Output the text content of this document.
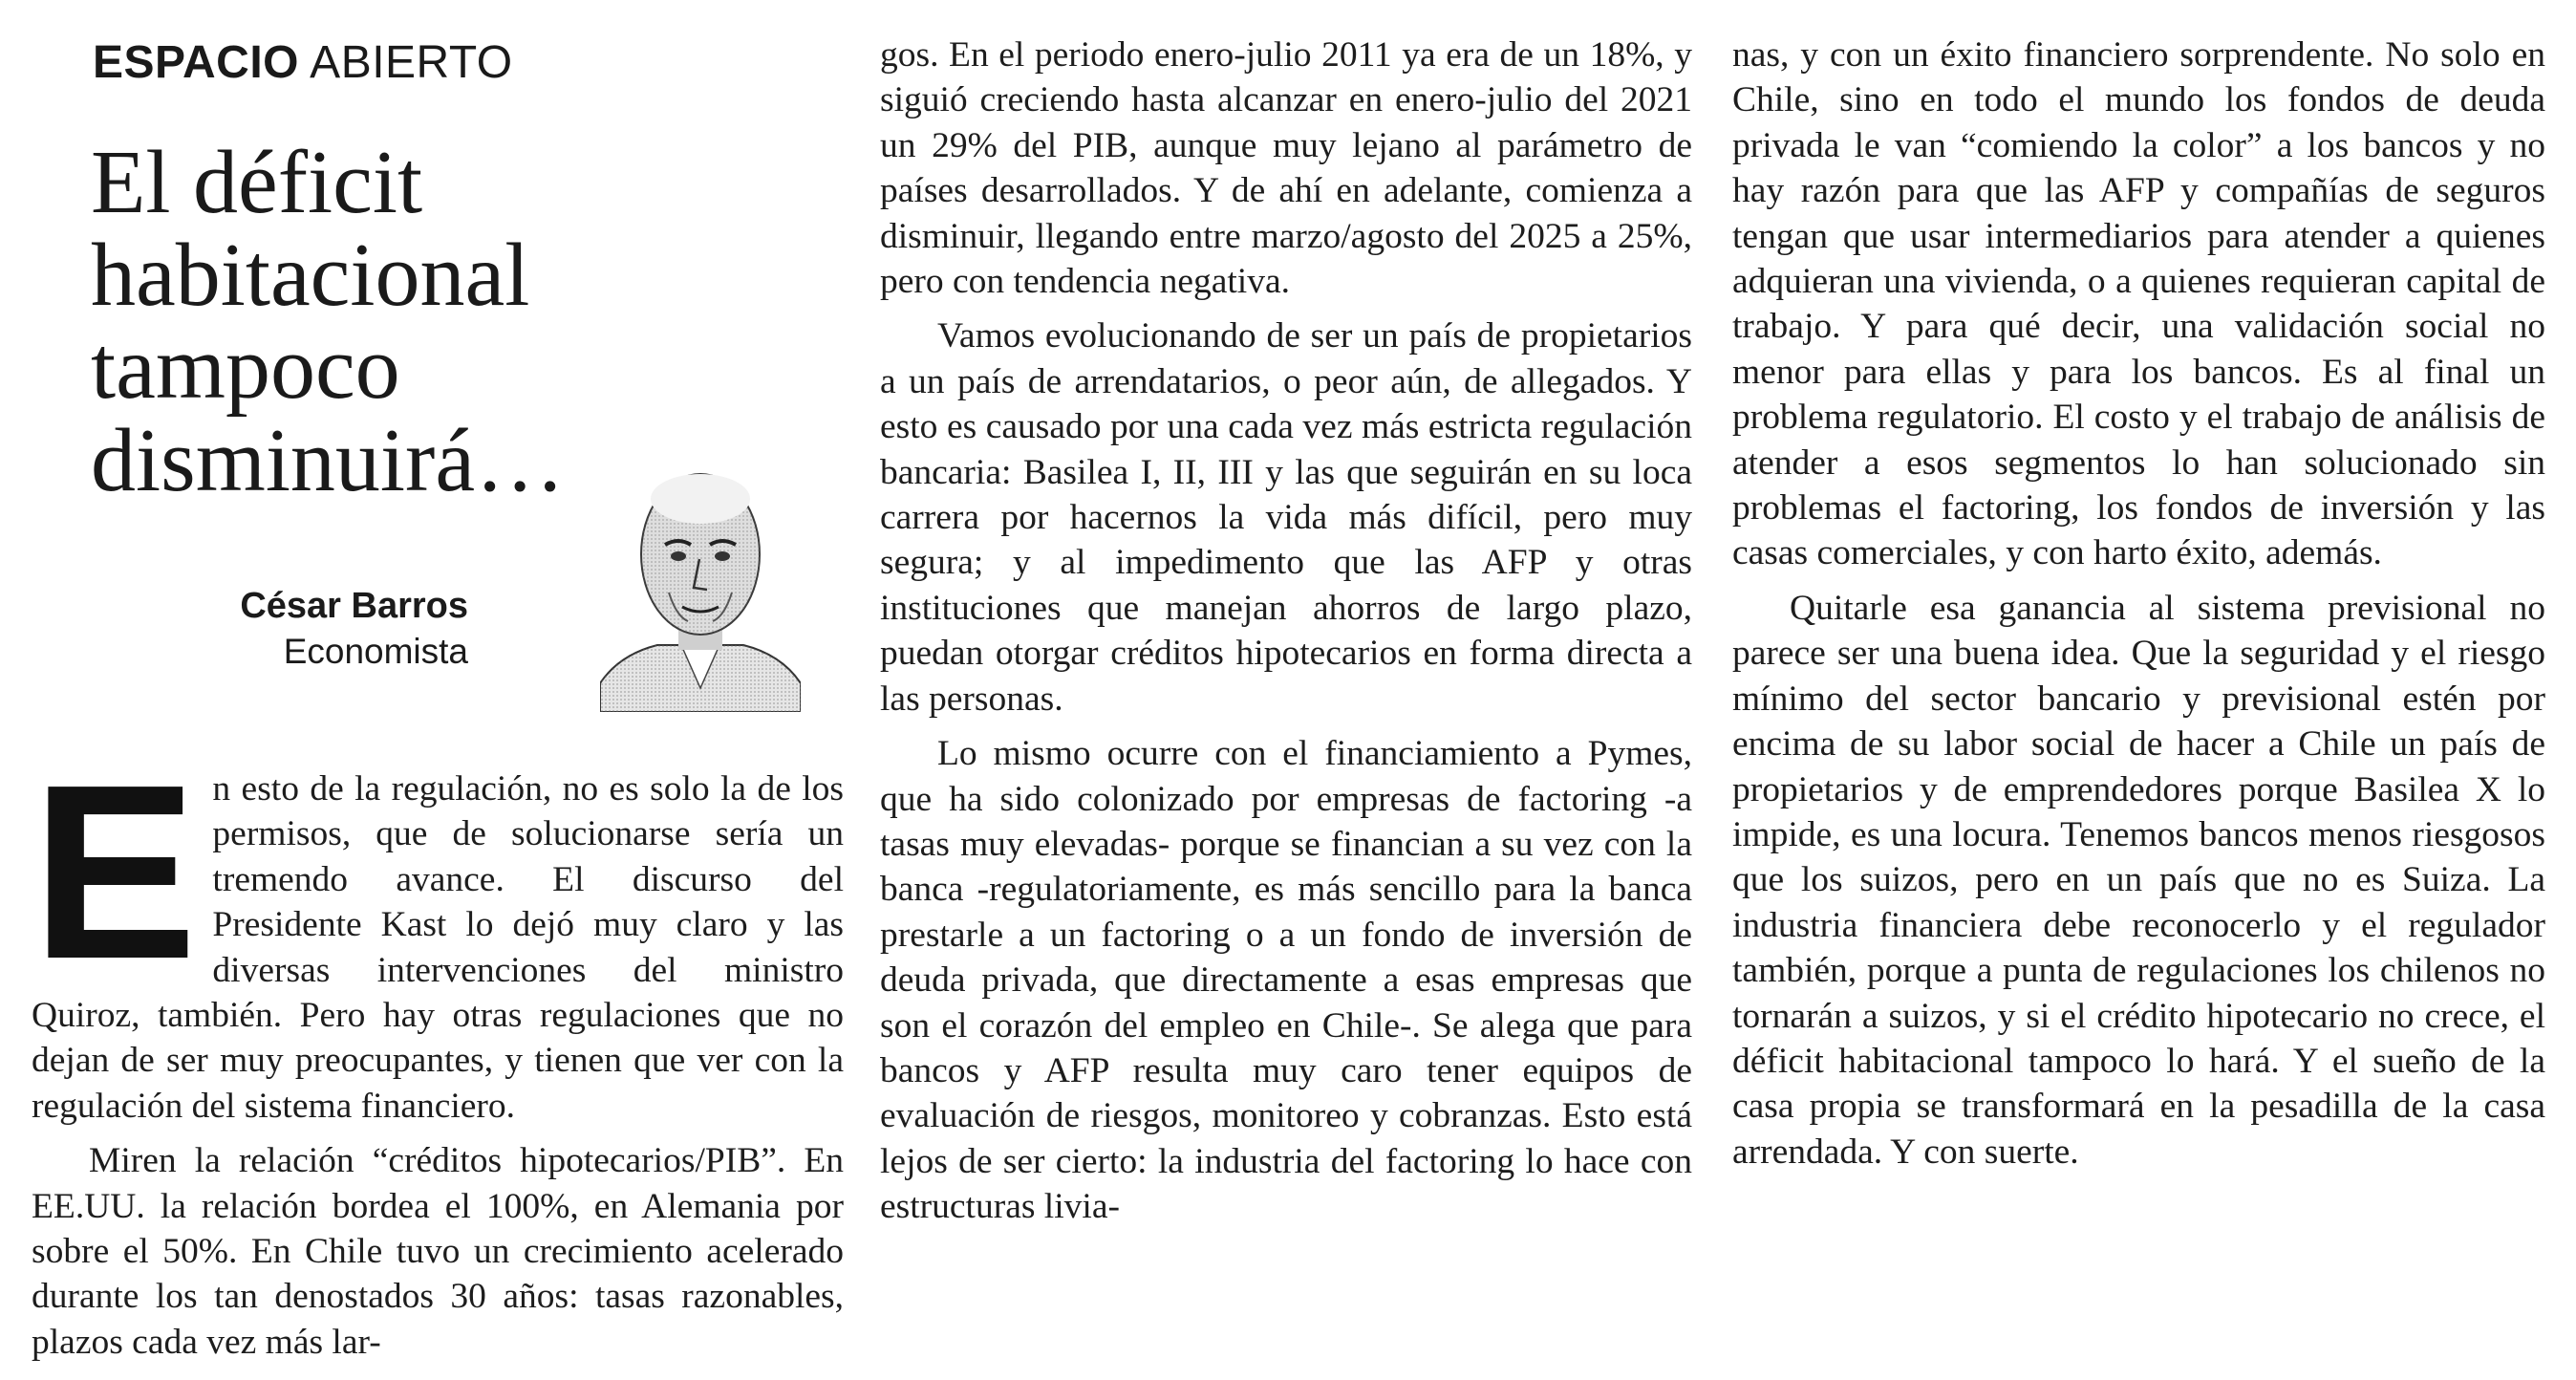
ESPACIO ABIERTO
El déficit
habitacional
tampoco
disminuirá…
César Barros
Economista

En esto de la regulación, no es solo la de los permisos, que de solucionarse sería un tremendo avance. El discurso del Presidente Kast lo dejó muy claro y las diversas intervenciones del ministro Quiroz, también. Pero hay otras regulaciones que no dejan de ser muy preocupantes, y tienen que ver con la regulación del sistema financiero.

Miren la relación “créditos hipotecarios/PIB”. En EE.UU. la relación bordea el 100%, en Alemania por sobre el 50%. En Chile tuvo un crecimiento acelerado durante los tan denostados 30 años: tasas razonables, plazos cada vez más lar-

gos. En el periodo enero-julio 2011 ya era de un 18%, y siguió creciendo hasta alcanzar en enero-julio del 2021 un 29% del PIB, aunque muy lejano al parámetro de países desarrollados. Y de ahí en adelante, comienza a disminuir, llegando entre marzo/agosto del 2025 a 25%, pero con tendencia negativa.

Vamos evolucionando de ser un país de propietarios a un país de arrendatarios, o peor aún, de allegados. Y esto es causado por una cada vez más estricta regulación bancaria: Basilea I, II, III y las que seguirán en su loca carrera por hacernos la vida más difícil, pero muy segura; y al impedimento que las AFP y otras instituciones que manejan ahorros de largo plazo, puedan otorgar créditos hipotecarios en forma directa a las personas.

Lo mismo ocurre con el financiamiento a Pymes, que ha sido colonizado por empresas de factoring -a tasas muy elevadas- porque se financian a su vez con la banca -regulatoriamente, es más sencillo para la banca prestarle a un factoring o a un fondo de inversión de deuda privada, que directamente a esas empresas que son el corazón del empleo en Chile-. Se alega que para bancos y AFP resulta muy caro tener equipos de evaluación de riesgos, monitoreo y cobranzas. Esto está lejos de ser cierto: la industria del factoring lo hace con estructuras livia-

nas, y con un éxito financiero sorprendente. No solo en Chile, sino en todo el mundo los fondos de deuda privada le van “comiendo la color” a los bancos y no hay razón para que las AFP y compañías de seguros tengan que usar intermediarios para atender a quienes adquieran una vivienda, o a quienes requieran capital de trabajo. Y para qué decir, una validación social no menor para ellas y para los bancos. Es al final un problema regulatorio. El costo y el trabajo de análisis de atender a esos segmentos lo han solucionado sin problemas el factoring, los fondos de inversión y las casas comerciales, y con harto éxito, además.

Quitarle esa ganancia al sistema previsional no parece ser una buena idea. Que la seguridad y el riesgo mínimo del sector bancario y previsional estén por encima de su labor social de hacer a Chile un país de propietarios y de emprendedores porque Basilea X lo impide, es una locura. Tenemos bancos menos riesgosos que los suizos, pero en un país que no es Suiza. La industria financiera debe reconocerlo y el regulador también, porque a punta de regulaciones los chilenos no tornarán a suizos, y si el crédito hipotecario no crece, el déficit habitacional tampoco lo hará. Y el sueño de la casa propia se transformará en la pesadilla de la casa arrendada. Y con suerte.
